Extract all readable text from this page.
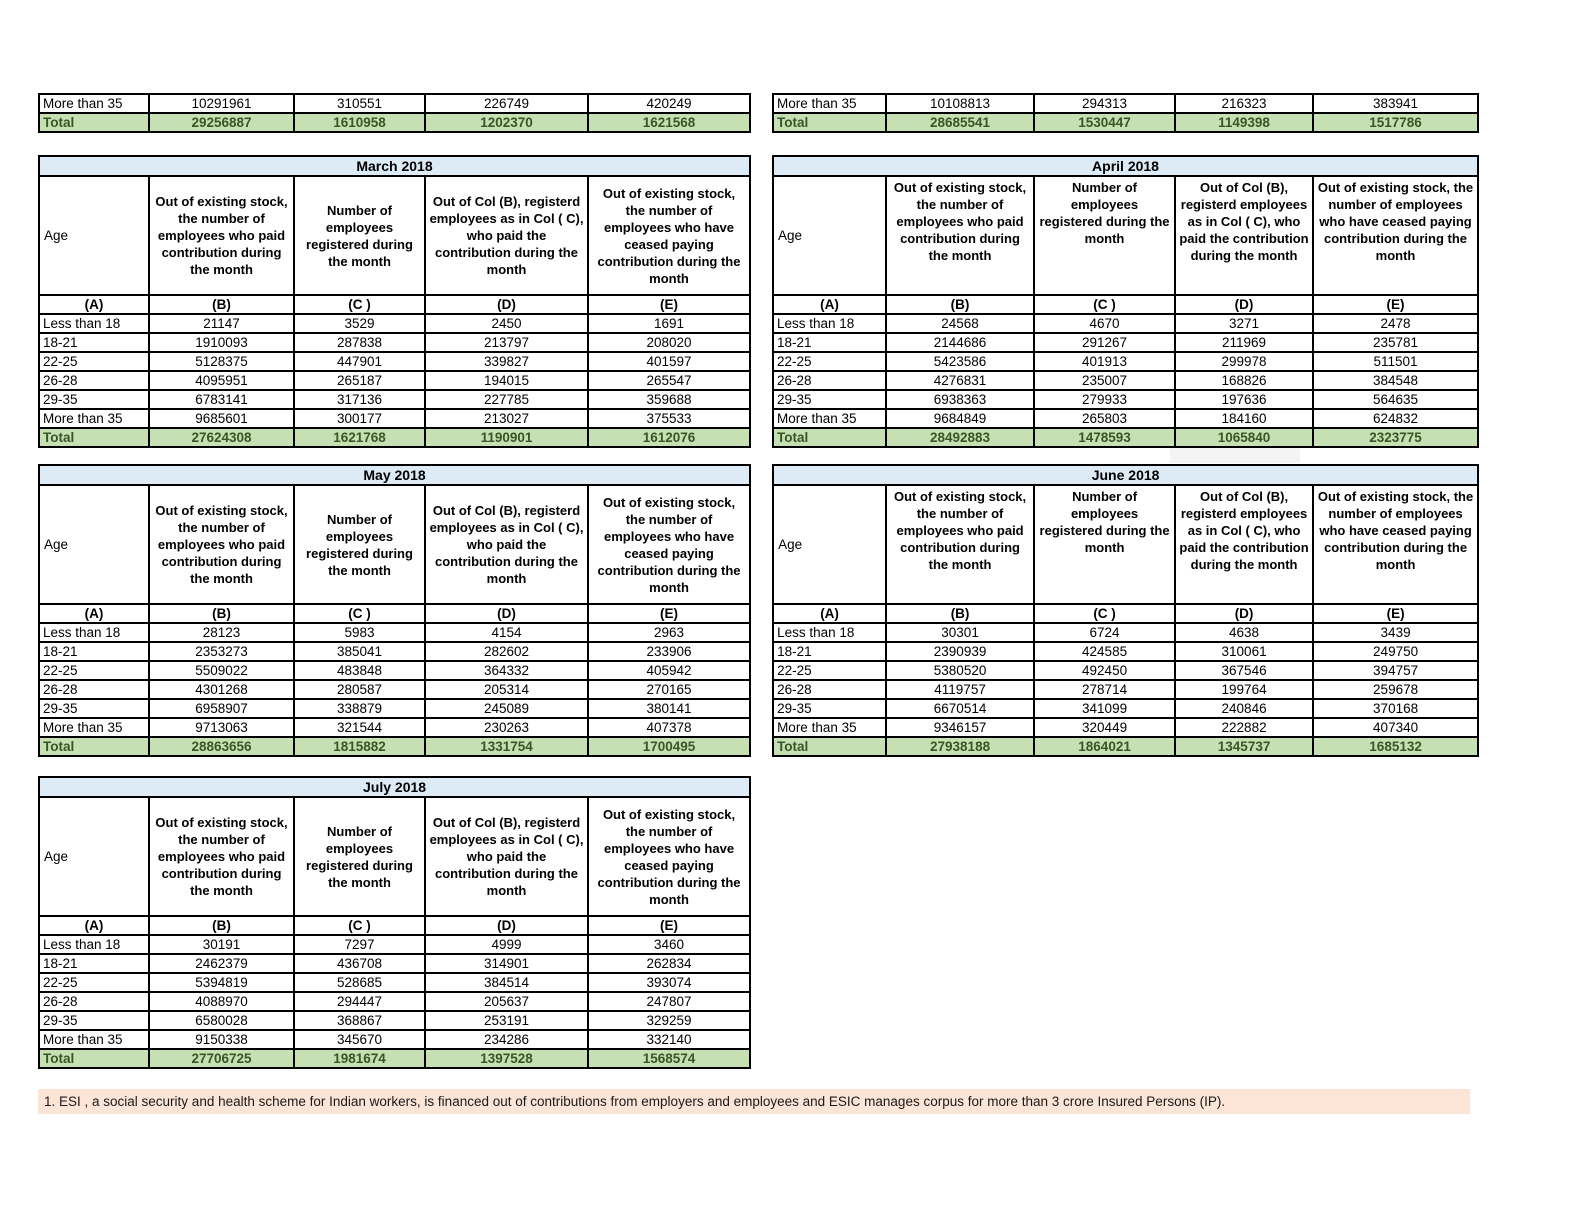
More than 35	10291961	310551	226749	420249
Total	29256887	1610958	1202370	1621568
More than 35	10108813	294313	216323	383941
Total	28685541	1530447	1149398	1517786
March 2018				
Age	Out of existing stock, the number of employees who paid contribution during the month	Number of employees registered during the month	Out of Col (B), registerd employees as in Col ( C), who paid the contribution during the month	Out of existing stock, the number of employees who have ceased paying contribution during the month

(A)	(B)	(C )	(D)	(E)
Less than 18	21147	3529	2450	1691
18-21	1910093	287838	213797	208020
22-25	5128375	447901	339827	401597
26-28	4095951	265187	194015	265547
29-35	6783141	317136	227785	359688
More than 35	9685601	300177	213027	375533
Total	27624308	1621768	1190901	1612076
April 2018				
Age	Out of existing stock, the number of employees who paid contribution during the month	Number of employees registered during the month	Out of Col (B), registerd employees as in Col ( C), who paid the contribution during the month	Out of existing stock, the number of employees who have ceased paying contribution during the month

(A)	(B)	(C )	(D)	(E)
Less than 18	24568	4670	3271	2478
18-21	2144686	291267	211969	235781
22-25	5423586	401913	299978	511501
26-28	4276831	235007	168826	384548
29-35	6938363	279933	197636	564635
More than 35	9684849	265803	184160	624832
Total	28492883	1478593	1065840	2323775
May 2018				
Age	Out of existing stock, the number of employees who paid contribution during the month	Number of employees registered during the month	Out of Col (B), registerd employees as in Col ( C), who paid the contribution during the month	Out of existing stock, the number of employees who have ceased paying contribution during the month

(A)	(B)	(C )	(D)	(E)
Less than 18	28123	5983	4154	2963
18-21	2353273	385041	282602	233906
22-25	5509022	483848	364332	405942
26-28	4301268	280587	205314	270165
29-35	6958907	338879	245089	380141
More than 35	9713063	321544	230263	407378
Total	28863656	1815882	1331754	1700495
June 2018				
Age	Out of existing stock, the number of employees who paid contribution during the month	Number of employees registered during the month	Out of Col (B), registerd employees as in Col ( C), who paid the contribution during the month	Out of existing stock, the number of employees who have ceased paying contribution during the month

(A)	(B)	(C )	(D)	(E)
Less than 18	30301	6724	4638	3439
18-21	2390939	424585	310061	249750
22-25	5380520	492450	367546	394757
26-28	4119757	278714	199764	259678
29-35	6670514	341099	240846	370168
More than 35	9346157	320449	222882	407340
Total	27938188	1864021	1345737	1685132
July 2018				
Age	Out of existing stock, the number of employees who paid contribution during the month	Number of employees registered during the month	Out of Col (B), registerd employees as in Col ( C), who paid the contribution during the month	Out of existing stock, the number of employees who have ceased paying contribution during the month

(A)	(B)	(C )	(D)	(E)
Less than 18	30191	7297	4999	3460
18-21	2462379	436708	314901	262834
22-25	5394819	528685	384514	393074
26-28	4088970	294447	205637	247807
29-35	6580028	368867	253191	329259
More than 35	9150338	345670	234286	332140
Total	27706725	1981674	1397528	1568574
1. ESI , a social security and health scheme for Indian workers, is financed out of contributions from employers and employees and ESIC manages corpus for more than 3 crore Insured Persons (IP).
